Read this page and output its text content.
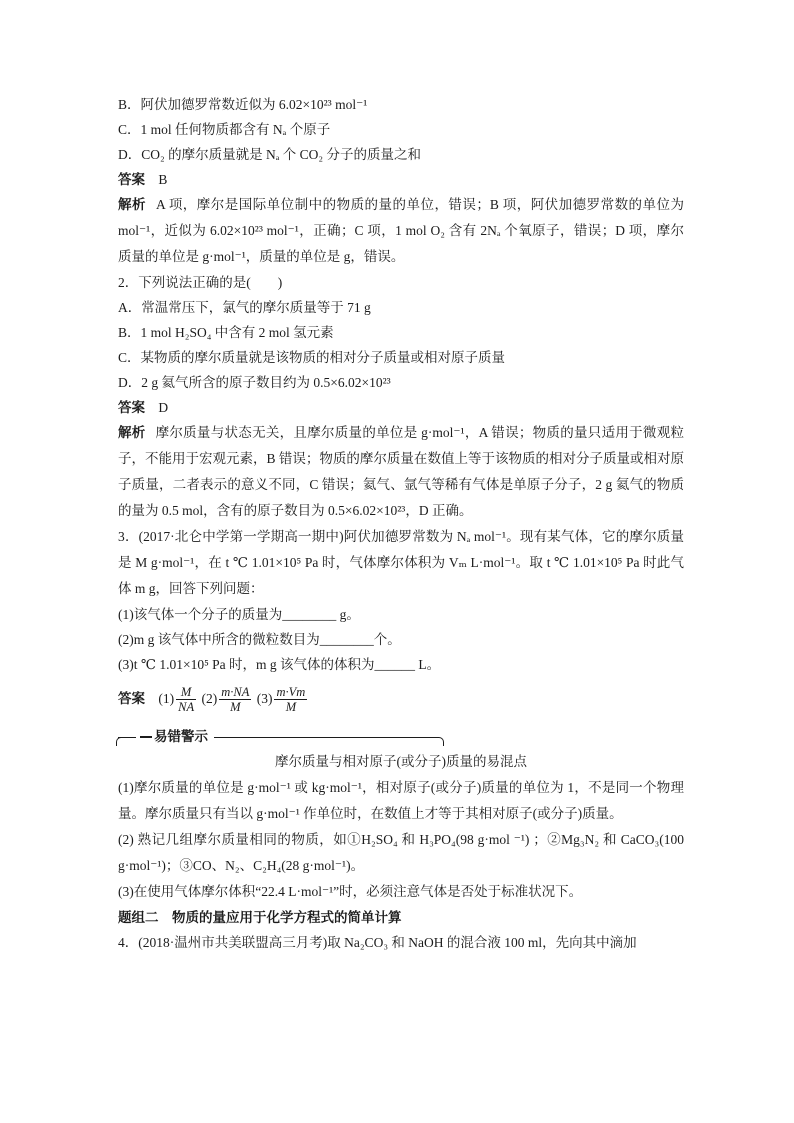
B．阿伏加德罗常数近似为 6.02×10²³ mol⁻¹
C．1 mol 任何物质都含有 Nₐ 个原子
D．CO₂ 的摩尔质量就是 Nₐ 个 CO₂ 分子的质量之和
答案 B
解析 A 项，摩尔是国际单位制中的物质的量的单位，错误；B 项，阿伏加德罗常数的单位为 mol⁻¹，近似为 6.02×10²³ mol⁻¹，正确；C 项，1 mol O₂ 含有 2Nₐ 个氧原子，错误；D 项，摩尔质量的单位是 g·mol⁻¹，质量的单位是 g，错误。
2．下列说法正确的是(　　)
A．常温常压下，氯气的摩尔质量等于 71 g
B．1 mol H₂SO₄ 中含有 2 mol 氢元素
C．某物质的摩尔质量就是该物质的相对分子质量或相对原子质量
D．2 g 氦气所含的原子数目约为 0.5×6.02×10²³
答案 D
解析 摩尔质量与状态无关，且摩尔质量的单位是 g·mol⁻¹，A 错误；物质的量只适用于微观粒子，不能用于宏观元素，B 错误；物质的摩尔质量在数值上等于该物质的相对分子质量或相对原子质量，二者表示的意义不同，C 错误；氦气、氩气等稀有气体是单原子分子，2 g 氦气的物质的量为 0.5 mol，含有的原子数目为 0.5×6.02×10²³，D 正确。
3．(2017·北仑中学第一学期高一期中)阿伏加德罗常数为 Nₐ mol⁻¹。现有某气体，它的摩尔质量是 M g·mol⁻¹，在 t ℃ 1.01×10⁵ Pa 时，气体摩尔体积为 Vₘ L·mol⁻¹。取 t ℃ 1.01×10⁵ Pa 时此气体 m g，回答下列问题：
(1)该气体一个分子的质量为________ g。
(2)m g 该气体中所含的微粒数目为________个。
(3)t ℃ 1.01×10⁵ Pa 时，m g 该气体的体积为______ L。
答案 $(1) \frac{M}{NA} (2) \frac{m\cdot NA}{M} (3) \frac{m\cdot Vm}{M}$
易错警示
摩尔质量与相对原子(或分子)质量的易混点
(1)摩尔质量的单位是 g·mol⁻¹ 或 kg·mol⁻¹，相对原子(或分子)质量的单位为 1，不是同一个物理量。摩尔质量只有当以 g·mol⁻¹ 作单位时，在数值上才等于其相对原子(或分子)质量。
(2) 熟记几组摩尔质量相同的物质，如①H₂SO₄ 和 H₃PO₄(98 g·mol ⁻¹) ；②Mg₃N₂ 和 CaCO₃(100 g·mol⁻¹)；③CO、N₂、C₂H₄(28 g·mol⁻¹)。
(3)在使用气体摩尔体积“22.4 L·mol⁻¹”时，必须注意气体是否处于标准状况下。
题组二　物质的量应用于化学方程式的简单计算
4．(2018·温州市共美联盟高三月考)取 Na₂CO₃ 和 NaOH 的混合液 100 ml，先向其中滴加
